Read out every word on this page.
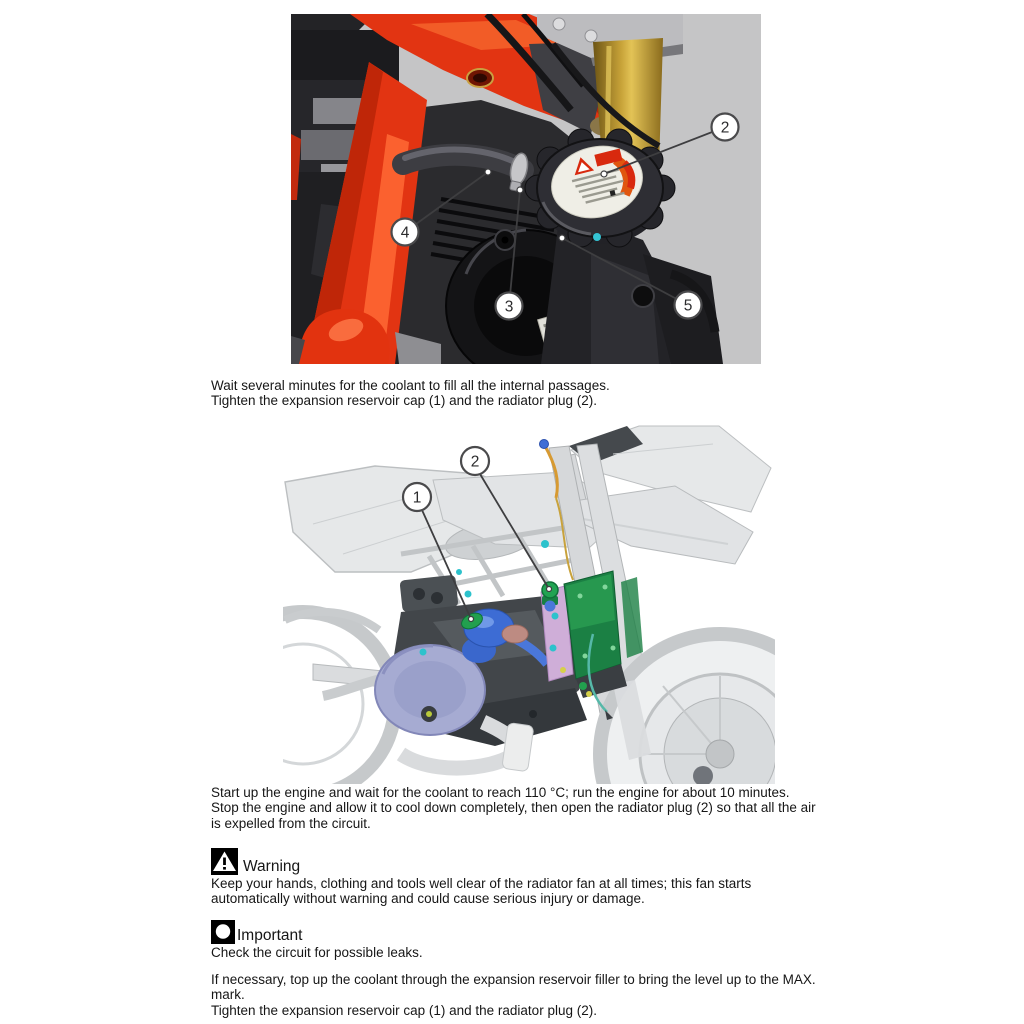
2
4
3	5
Wait several minutes for the coolant to fill all the internal passages.
Tighten the expansion reservoir cap (1) and the radiator plug (2).
1
2
Start up the engine and wait for the coolant to reach 110 °C; run the engine for about 10 minutes.
Stop the engine and allow it to cool down completely, then open the radiator plug (2) so that all the air
is expelled from the circuit.
Warning
Keep your hands, clothing and tools well clear of the radiator fan at all times; this fan starts
automatically without warning and could cause serious injury or damage.
Important
Check the circuit for possible leaks.
If necessary, top up the coolant through the expansion reservoir filler to bring the level up to the MAX.
mark.
Tighten the expansion reservoir cap (1) and the radiator plug (2).
